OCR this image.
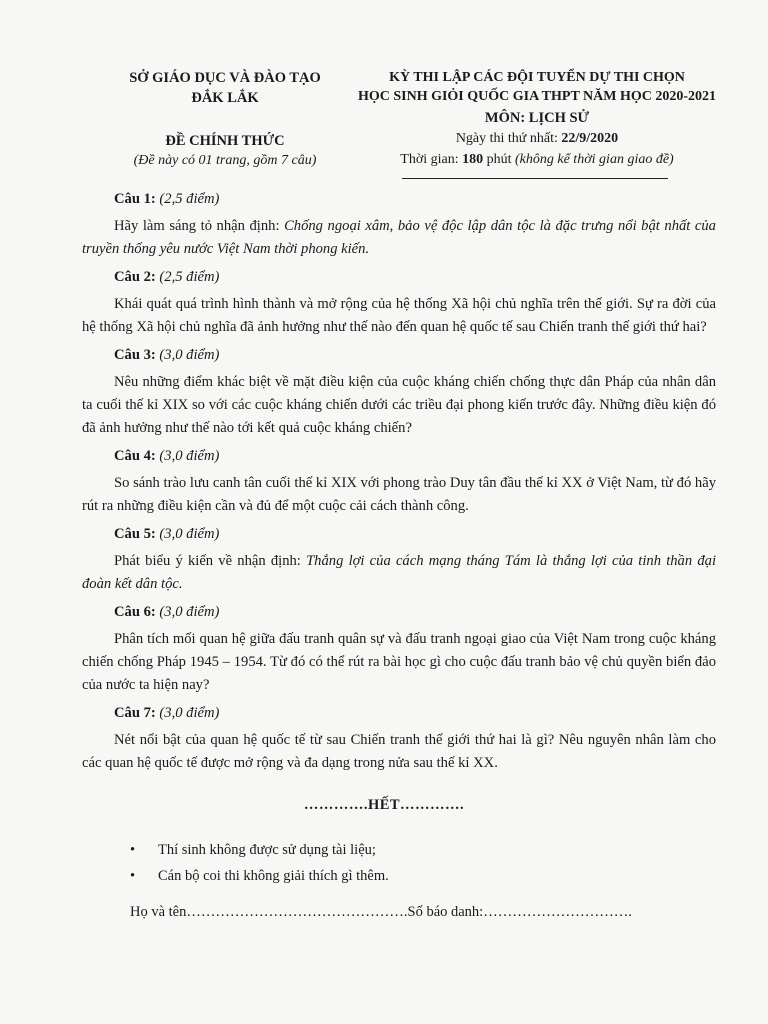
SỞ GIÁO DỤC VÀ ĐÀO TẠO
ĐẮK LẮK
KỲ THI LẬP CÁC ĐỘI TUYỂN DỰ THI CHỌN
HỌC SINH GIỎI QUỐC GIA THPT NĂM HỌC 2020-2021
MÔN: LỊCH SỬ
ĐỀ CHÍNH THỨC
(Đề này có 01 trang, gồm 7 câu)
Ngày thi thứ nhất: 22/9/2020
Thời gian: 180 phút (không kể thời gian giao đề)
Câu 1: (2,5 điểm)
Hãy làm sáng tỏ nhận định: Chống ngoại xâm, bảo vệ độc lập dân tộc là đặc trưng nổi bật nhất của truyền thống yêu nước Việt Nam thời phong kiến.
Câu 2: (2,5 điểm)
Khái quát quá trình hình thành và mở rộng của hệ thống Xã hội chủ nghĩa trên thế giới. Sự ra đời của hệ thống Xã hội chủ nghĩa đã ảnh hưởng như thế nào đến quan hệ quốc tế sau Chiến tranh thế giới thứ hai?
Câu 3: (3,0 điểm)
Nêu những điểm khác biệt về mặt điều kiện của cuộc kháng chiến chống thực dân Pháp của nhân dân ta cuối thế kỉ XIX so với các cuộc kháng chiến dưới các triều đại phong kiến trước đây. Những điều kiện đó đã ảnh hưởng như thế nào tới kết quả cuộc kháng chiến?
Câu 4: (3,0 điểm)
So sánh trào lưu canh tân cuối thế kỉ XIX với phong trào Duy tân đầu thế kỉ XX ở Việt Nam, từ đó hãy rút ra những điều kiện cần và đủ để một cuộc cải cách thành công.
Câu 5: (3,0 điểm)
Phát biểu ý kiến về nhận định: Thắng lợi của cách mạng tháng Tám là thắng lợi của tinh thần đại đoàn kết dân tộc.
Câu 6: (3,0 điểm)
Phân tích mối quan hệ giữa đấu tranh quân sự và đấu tranh ngoại giao của Việt Nam trong cuộc kháng chiến chống Pháp 1945 – 1954. Từ đó có thể rút ra bài học gì cho cuộc đấu tranh bảo vệ chủ quyền biển đảo của nước ta hiện nay?
Câu 7: (3,0 điểm)
Nét nổi bật của quan hệ quốc tế từ sau Chiến tranh thế giới thứ hai là gì? Nêu nguyên nhân làm cho các quan hệ quốc tế được mở rộng và đa dạng trong nửa sau thế kỉ XX.
………….HẾT………….
• Thí sinh không được sử dụng tài liệu;
• Cán bộ coi thi không giải thích gì thêm.
Họ và tên……………………………………….Số báo danh:………………………….
